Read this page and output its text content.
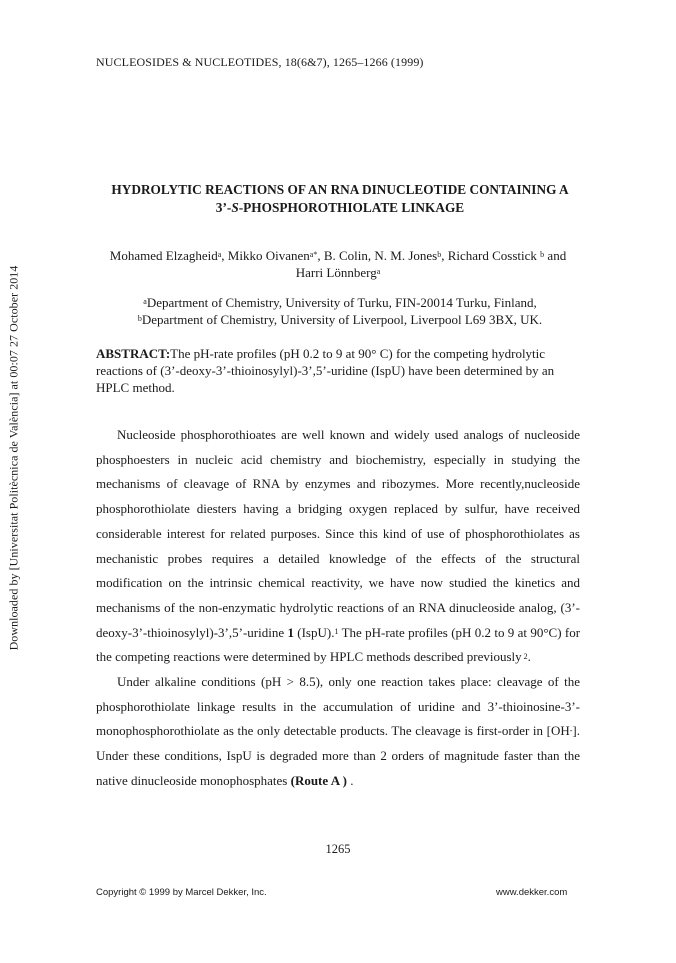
Downloaded by [Universitat Politècnica de València] at 00:07 27 October 2014
NUCLEOSIDES & NUCLEOTIDES, 18(6&7), 1265–1266 (1999)
HYDROLYTIC REACTIONS OF AN RNA DINUCLEOTIDE CONTAINING A
3’-S-PHOSPHOROTHIOLATE LINKAGE
Mohamed Elzagheid$^a$, Mikko Oivanen$^{a*}$, B. Colin, N. M. Jones$^b$, Richard Cosstick $^b$ and
Harri Lönnberg$^a$
$^a$Department of Chemistry, University of Turku, FIN-20014 Turku, Finland,
$^b$Department of Chemistry, University of Liverpool, Liverpool L69 3BX, UK.
ABSTRACT:The pH-rate profiles (pH 0.2 to 9 at 90° C) for the competing hydrolytic reactions of (3’-deoxy-3’-thioinosylyl)-3’,5’-uridine (IspU) have been determined by an HPLC method.

Nucleoside phosphorothioates are well known and widely used analogs of nucleoside phosphoesters in nucleic acid chemistry and biochemistry, especially in studying the mechanisms of cleavage of RNA by enzymes and ribozymes. More recently,nucleoside phosphorothiolate diesters having a bridging oxygen replaced by sulfur, have received considerable interest for related purposes. Since this kind of use of phosphorothiolates as mechanistic probes requires a detailed knowledge of the effects of the structural modification on the intrinsic chemical reactivity, we have now studied the kinetics and mechanisms of the non-enzymatic hydrolytic reactions of an RNA dinucleoside analog, (3’-deoxy-3’-thioinosylyl)-3’,5’-uridine 1 (IspU).$^1$ The pH-rate profiles (pH 0.2 to 9 at 90°C) for the competing reactions were determined by HPLC methods described previously $^2$.

Under alkaline conditions (pH > 8.5), only one reaction takes place: cleavage of the phosphorothiolate linkage results in the accumulation of uridine and 3’-thioinosine-3’-monophosphorothiolate as the only detectable products. The cleavage is first-order in [OH-]. Under these conditions, IspU is degraded more than 2 orders of magnitude faster than the native dinucleoside monophosphates (Route A ) .

1265
Copyright © 1999 by Marcel Dekker, Inc.	www.dekker.com
